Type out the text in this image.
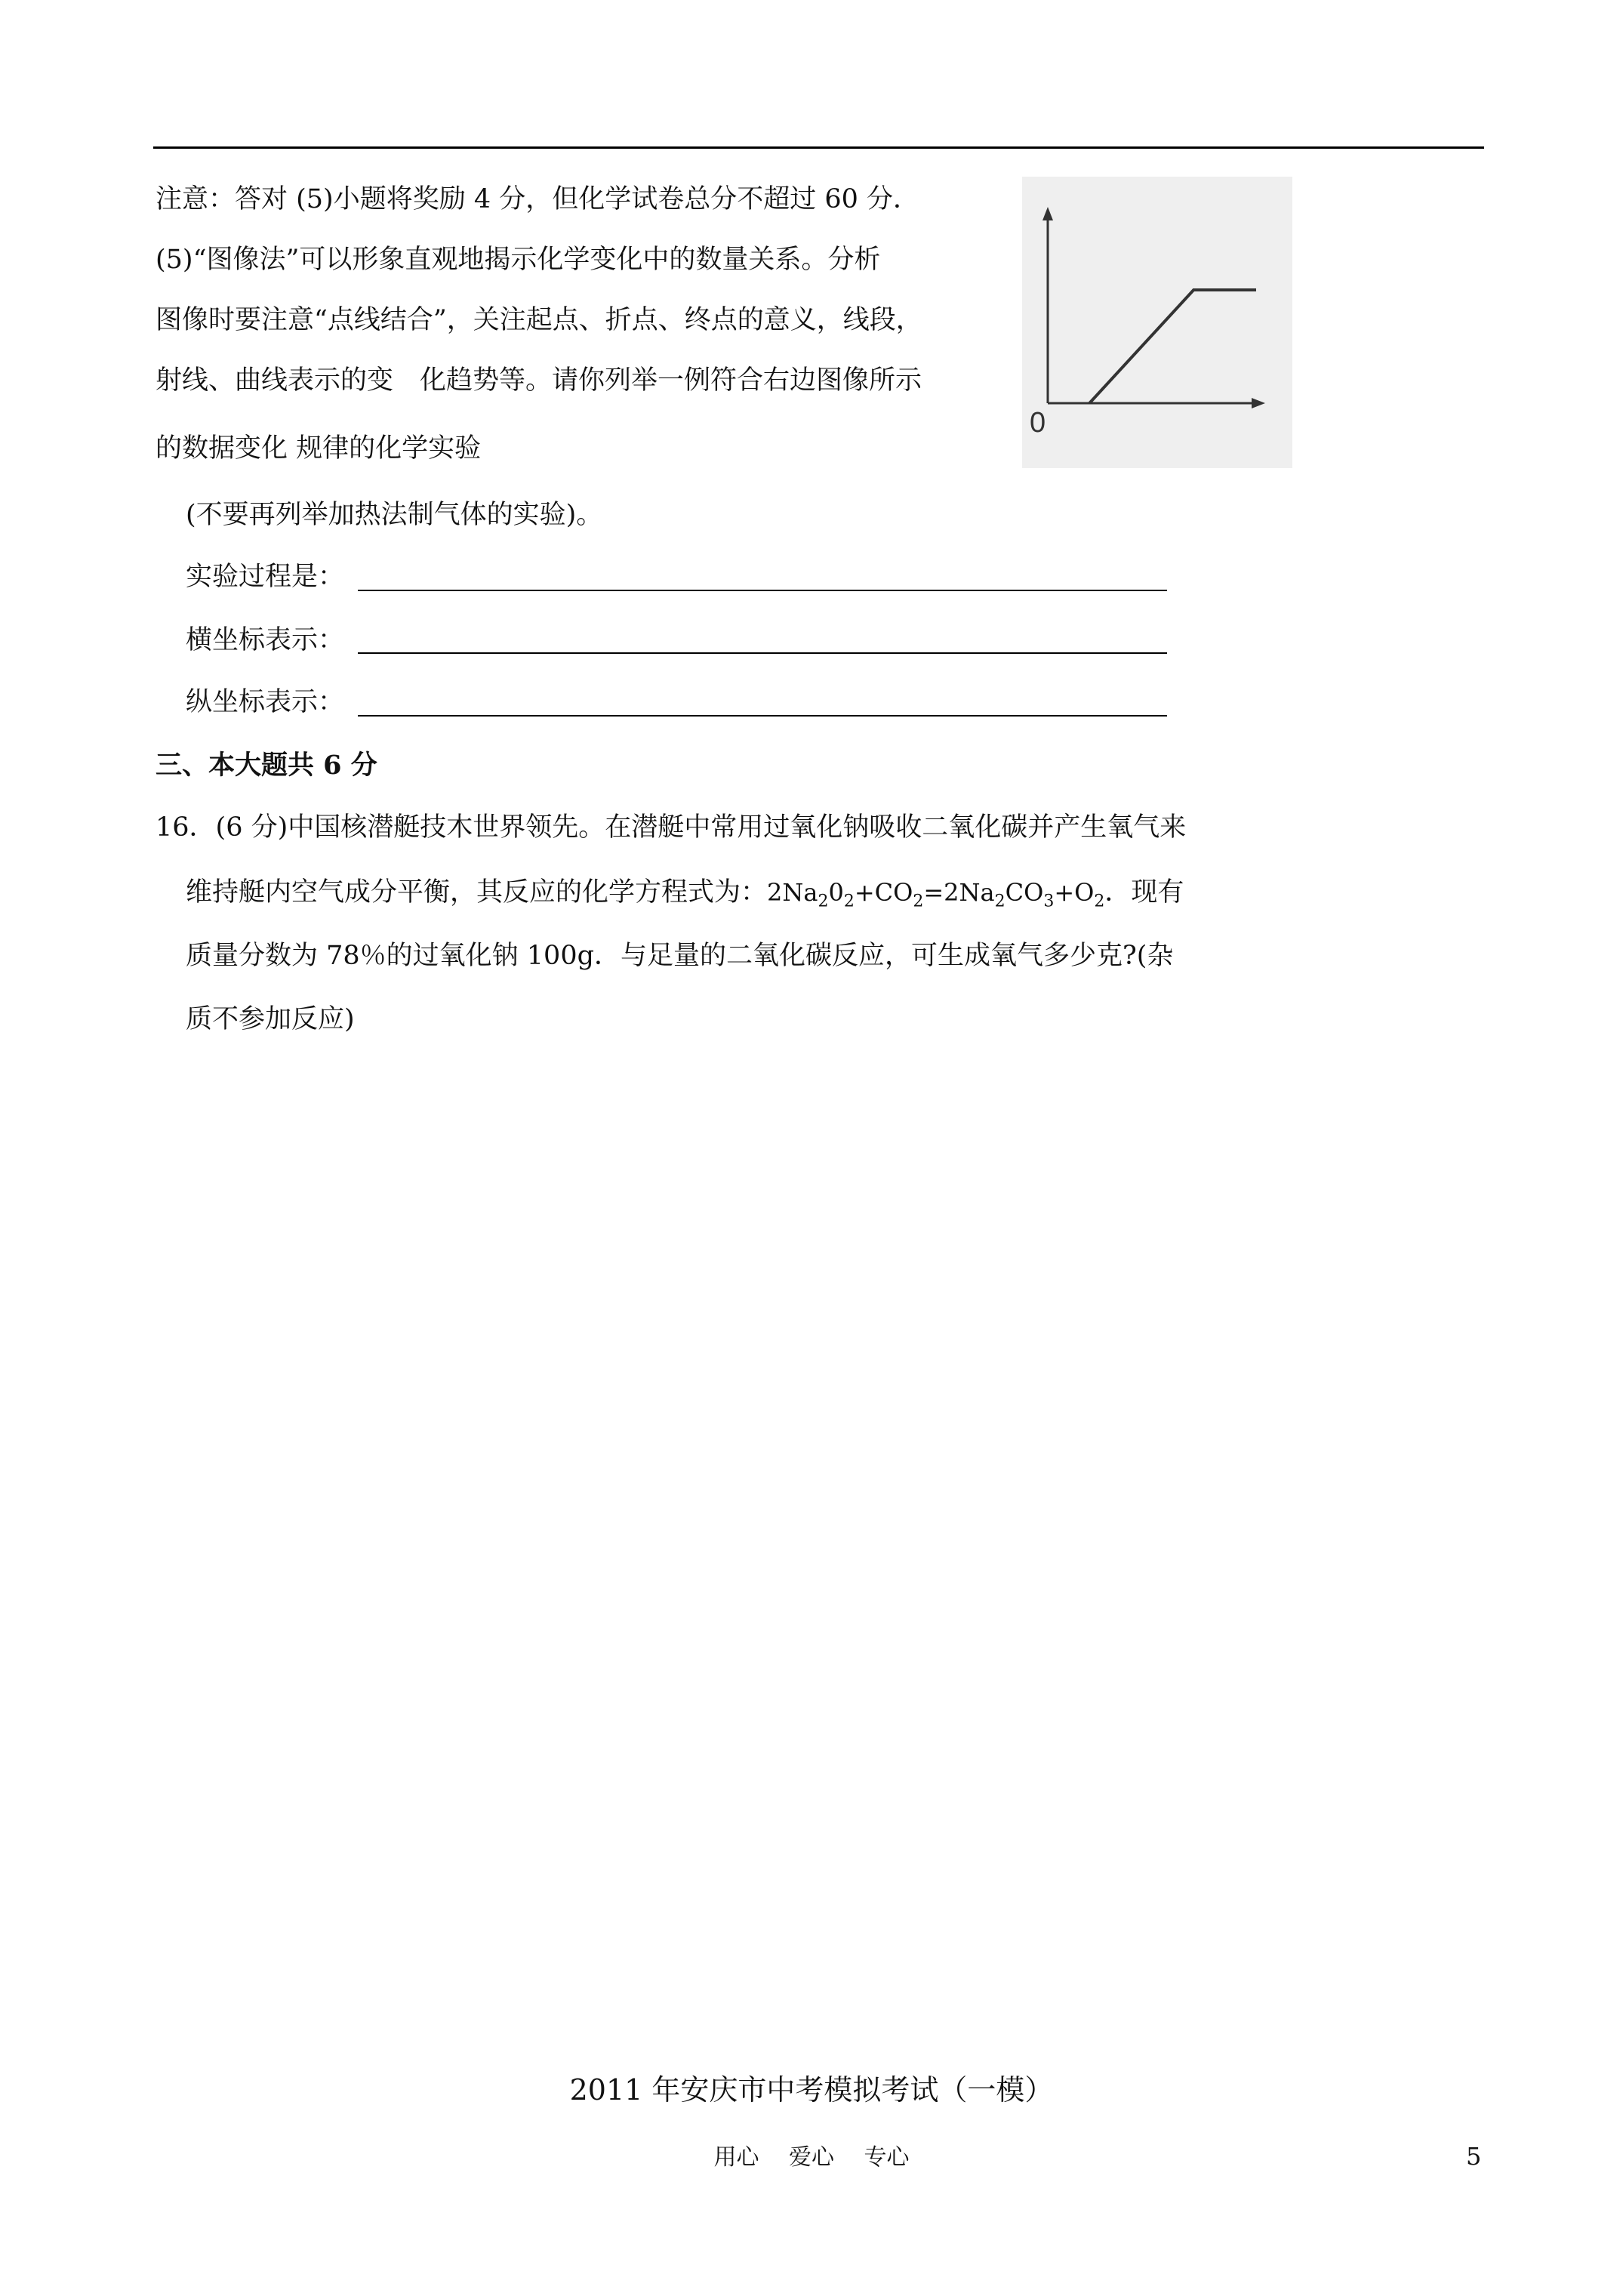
注意：答对 (5)小题将奖励 4 分，但化学试卷总分不超过 60 分．
(5)“图像法”可以形象直观地揭示化学变化中的数量关系。分析
图像时要注意“点线结合”，关注起点、折点、终点的意义，线段，
射线、曲线表示的变　化趋势等。请你列举一例符合右边图像所示
的数据变化 规律的化学实验
(不要再列举加热法制气体的实验)。
实验过程是：
横坐标表示：
纵坐标表示：
0
三、本大题共 6 分
16．(6 分)中国核潜艇技木世界领先。在潜艇中常用过氧化钠吸收二氧化碳并产生氧气来
维持艇内空气成分平衡，其反应的化学方程式为：$2Na_20_2+CO_2=2Na_2CO_3+O_2$．现有
质量分数为 78％的过氧化钠 100g．与足量的二氧化碳反应，可生成氧气多少克?(杂
质不参加反应)
2011 年安庆市中考模拟考试（一模）
用心　 爱心　 专心	5
